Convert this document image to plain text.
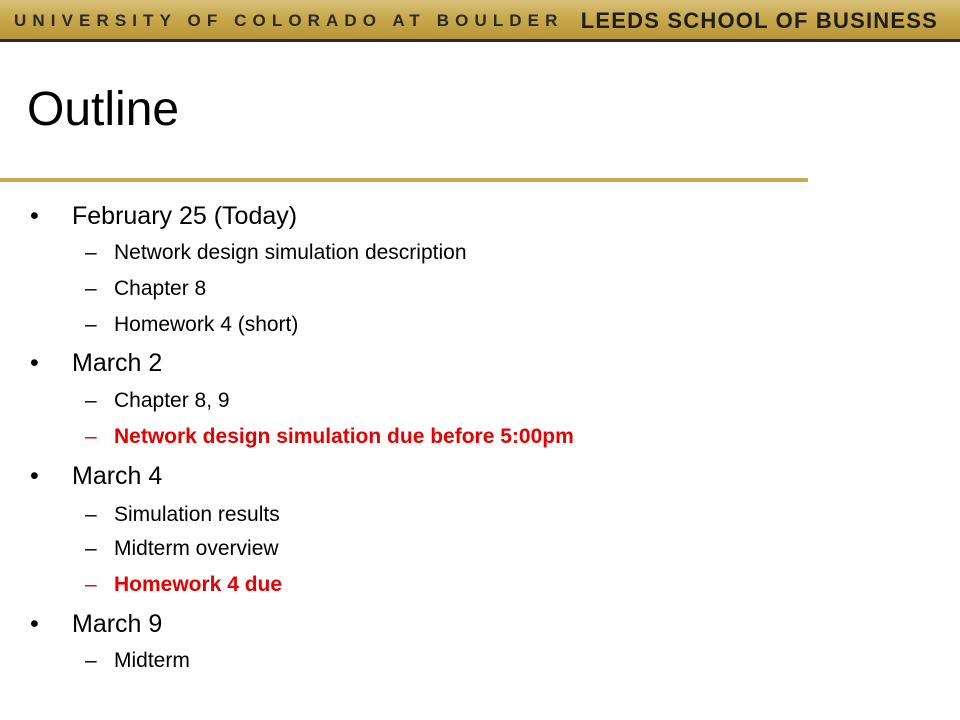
UNIVERSITY OF COLORADO AT BOULDER LEEDS SCHOOL OF BUSINESS
Outline
• February 25 (Today)
– Network design simulation description
– Chapter 8
– Homework 4 (short)
• March 2
– Chapter 8, 9
– Network design simulation due before 5:00pm
• March 4
– Simulation results
– Midterm overview
– Homework 4 due
• March 9
– Midterm
